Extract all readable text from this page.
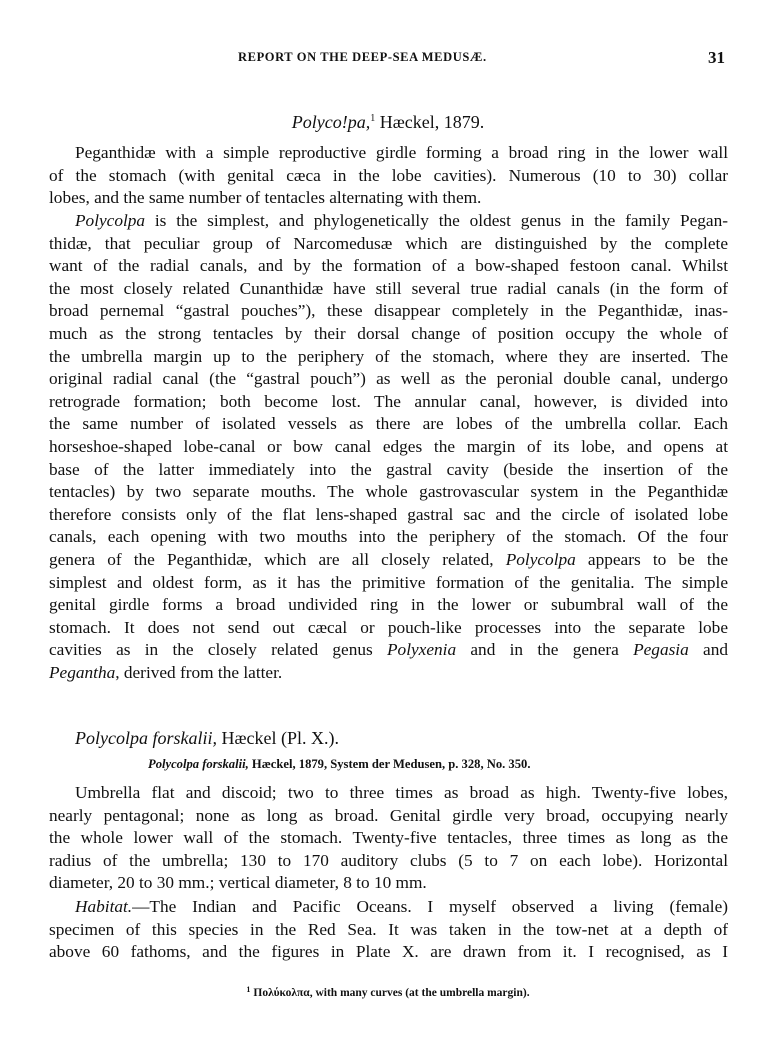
REPORT ON THE DEEP-SEA MEDUSÆ.	31
Polyco!pa,$^1$ Hæckel, 1879.
Peganthidæ with a simple reproductive girdle forming a broad ring in the lower wall
of the stomach (with genital cæca in the lobe cavities). Numerous (10 to 30) collar
lobes, and the same number of tentacles alternating with them.
Polycolpa is the simplest, and phylogenetically the oldest genus in the family Pegan-
thidæ, that peculiar group of Narcomedusæ which are distinguished by the complete
want of the radial canals, and by the formation of a bow-shaped festoon canal. Whilst
the most closely related Cunanthidæ have still several true radial canals (in the form of
broad pernemal “gastral pouches”), these disappear completely in the Peganthidæ, inas-
much as the strong tentacles by their dorsal change of position occupy the whole of
the umbrella margin up to the periphery of the stomach, where they are inserted. The
original radial canal (the “gastral pouch”) as well as the peronial double canal, undergo
retrograde formation; both become lost. The annular canal, however, is divided into
the same number of isolated vessels as there are lobes of the umbrella collar. Each
horseshoe-shaped lobe-canal or bow canal edges the margin of its lobe, and opens at
base of the latter immediately into the gastral cavity (beside the insertion of the
tentacles) by two separate mouths. The whole gastrovascular system in the Peganthidæ
therefore consists only of the flat lens-shaped gastral sac and the circle of isolated lobe
canals, each opening with two mouths into the periphery of the stomach. Of the four
genera of the Peganthidæ, which are all closely related, Polycolpa appears to be the
simplest and oldest form, as it has the primitive formation of the genitalia. The simple
genital girdle forms a broad undivided ring in the lower or subumbral wall of the
stomach. It does not send out cæcal or pouch-like processes into the separate lobe
cavities as in the closely related genus Polyxenia and in the genera Pegasia and
Pegantha, derived from the latter.
Polycolpa forskalii, Hæckel (Pl. X.).
Polycolpa forskalii, Hæckel, 1879, System der Medusen, p. 328, No. 350.
Umbrella flat and discoid; two to three times as broad as high. Twenty-five lobes,
nearly pentagonal; none as long as broad. Genital girdle very broad, occupying nearly
the whole lower wall of the stomach. Twenty-five tentacles, three times as long as the
radius of the umbrella; 130 to 170 auditory clubs (5 to 7 on each lobe). Horizontal
diameter, 20 to 30 mm.; vertical diameter, 8 to 10 mm.
Habitat.—The Indian and Pacific Oceans. I myself observed a living (female)
specimen of this species in the Red Sea. It was taken in the tow-net at a depth of
above 60 fathoms, and the figures in Plate X. are drawn from it. I recognised, as I
$^1$ Πολύκολπα, with many curves (at the umbrella margin).
